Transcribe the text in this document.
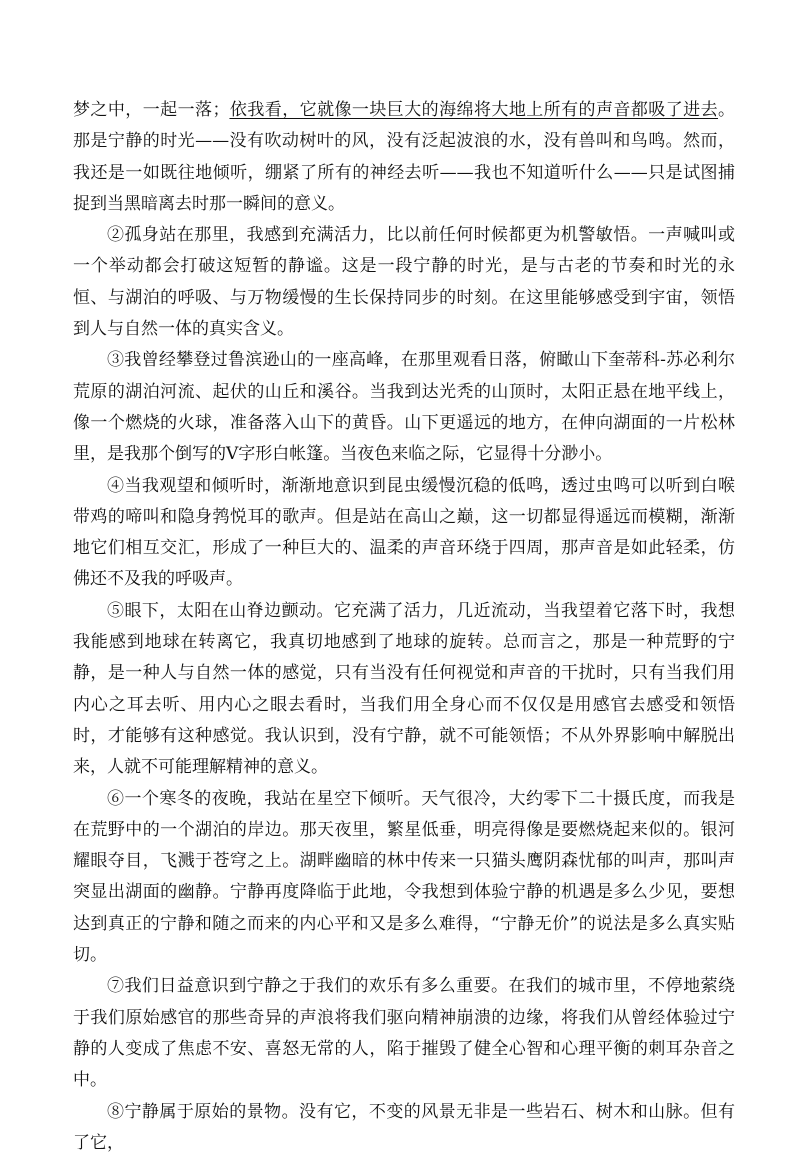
梦之中，一起一落；依我看，它就像一块巨大的海绵将大地上所有的声音都吸了进去。那是宁静的时光——没有吹动树叶的风，没有泛起波浪的水，没有兽叫和鸟鸣。然而，我还是一如既往地倾听，绷紧了所有的神经去听——我也不知道听什么——只是试图捕捉到当黑暗离去时那一瞬间的意义。

②孤身站在那里，我感到充满活力，比以前任何时候都更为机警敏悟。一声喊叫或一个举动都会打破这短暂的静谧。这是一段宁静的时光，是与古老的节奏和时光的永恒、与湖泊的呼吸、与万物缓慢的生长保持同步的时刻。在这里能够感受到宇宙，领悟到人与自然一体的真实含义。

③我曾经攀登过鲁滨逊山的一座高峰，在那里观看日落，俯瞰山下奎蒂科-苏必利尔荒原的湖泊河流、起伏的山丘和溪谷。当我到达光秃的山顶时，太阳正悬在地平线上，像一个燃烧的火球，准备落入山下的黄昏。山下更遥远的地方，在伸向湖面的一片松林里，是我那个倒写的V字形白帐篷。当夜色来临之际，它显得十分渺小。

④当我观望和倾听时，渐渐地意识到昆虫缓慢沉稳的低鸣，透过虫鸣可以听到白喉带鸡的啼叫和隐身鹁悦耳的歌声。但是站在高山之巅，这一切都显得遥远而模糊，渐渐地它们相互交汇，形成了一种巨大的、温柔的声音环绕于四周，那声音是如此轻柔，仿佛还不及我的呼吸声。

⑤眼下，太阳在山脊边颤动。它充满了活力，几近流动，当我望着它落下时，我想我能感到地球在转离它，我真切地感到了地球的旋转。总而言之，那是一种荒野的宁静，是一种人与自然一体的感觉，只有当没有任何视觉和声音的干扰时，只有当我们用内心之耳去听、用内心之眼去看时，当我们用全身心而不仅仅是用感官去感受和领悟时，才能够有这种感觉。我认识到，没有宁静，就不可能领悟；不从外界影响中解脱出来，人就不可能理解精神的意义。

⑥一个寒冬的夜晚，我站在星空下倾听。天气很冷，大约零下二十摄氏度，而我是在荒野中的一个湖泊的岸边。那天夜里，繁星低垂，明亮得像是要燃烧起来似的。银河耀眼夺目，飞溅于苍穹之上。湖畔幽暗的林中传来一只猫头鹰阴森忧郁的叫声，那叫声突显出湖面的幽静。宁静再度降临于此地，令我想到体验宁静的机遇是多么少见，要想达到真正的宁静和随之而来的内心平和又是多么难得，“宁静无价”的说法是多么真实贴切。

⑦我们日益意识到宁静之于我们的欢乐有多么重要。在我们的城市里，不停地萦绕于我们原始感官的那些奇异的声浪将我们驱向精神崩溃的边缘，将我们从曾经体验过宁静的人变成了焦虑不安、喜怒无常的人，陷于摧毁了健全心智和心理平衡的刺耳杂音之中。

⑧宁静属于原始的景物。没有它，不变的风景无非是一些岩石、树木和山脉。但有了它，
